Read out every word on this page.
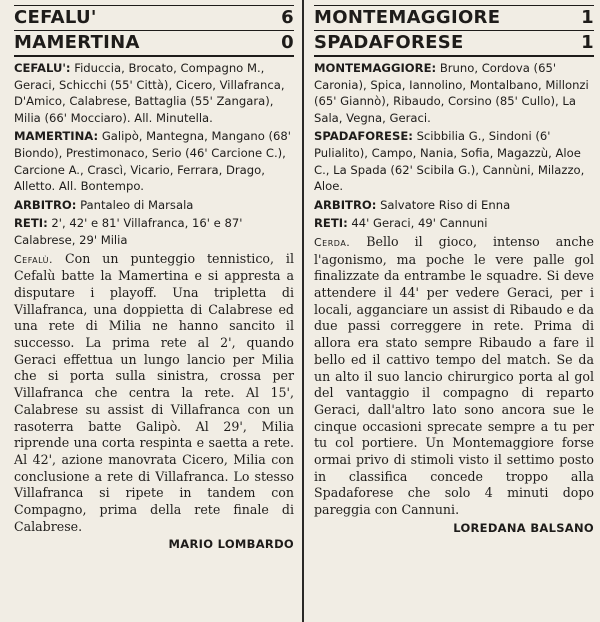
CEFALU'	6
MAMERTINA	0

CEFALU': Fiduccia, Brocato, Compagno M., Geraci, Schicchi (55' Città), Cicero, Villafranca, D'Amico, Calabrese, Battaglia (55' Zangara), Milia (66' Mocciaro). All. Minutella.

MAMERTINA: Galipò, Mantegna, Mangano (68' Biondo), Prestimonaco, Serio (46' Carcione C.), Carcione A., Crascì, Vicario, Ferrara, Drago, Alletto. All. Bontempo.

ARBITRO: Pantaleo di Marsala

RETI: 2', 42' e 81' Villafranca, 16' e 87' Calabrese, 29' Milia

Cefalù. Con un punteggio tennistico, il Cefalù batte la Mamertina e si appresta a disputare i playoff. Una tripletta di Villafranca, una doppietta di Calabrese ed una rete di Milia ne hanno sancito il successo. La prima rete al 2', quando Geraci effettua un lungo lancio per Milia che si porta sulla sinistra, crossa per Villafranca che centra la rete. Al 15', Calabrese su assist di Villafranca con un rasoterra batte Galipò. Al 29', Milia riprende una corta respinta e saetta a rete. Al 42', azione manovrata Cicero, Milia con conclusione a rete di Villafranca. Lo stesso Villafranca si ripete in tandem con Compagno, prima della rete finale di Calabrese.

MARIO LOMBARDO
MONTEMAGGIORE	1
SPADAFORESE	1

MONTEMAGGIORE: Bruno, Cordova (65' Caronia), Spica, Iannolino, Montalbano, Millonzi (65' Giannò), Ribaudo, Corsino (85' Cullo), La Sala, Vegna, Geraci.

SPADAFORESE: Scibbilia G., Sindoni (6' Pulialito), Campo, Nania, Sofia, Magazzù, Aloe C., La Spada (62' Scibila G.), Cannùni, Milazzo, Aloe.

ARBITRO: Salvatore Riso di Enna

RETI: 44' Geraci, 49' Cannuni

Cerda. Bello il gioco, intenso anche l'agonismo, ma poche le vere palle gol finalizzate da entrambe le squadre. Si deve attendere il 44' per vedere Geraci, per i locali, agganciare un assist di Ribaudo e da due passi correggere in rete. Prima di allora era stato sempre Ribaudo a fare il bello ed il cattivo tempo del match. Se da un alto il suo lancio chirurgico porta al gol del vantaggio il compagno di reparto Geraci, dall'altro lato sono ancora sue le cinque occasioni sprecate sempre a tu per tu col portiere. Un Montemaggiore forse ormai privo di stimoli visto il settimo posto in classifica concede troppo alla Spadaforese che solo 4 minuti dopo pareggia con Cannuni.

LOREDANA BALSANO
